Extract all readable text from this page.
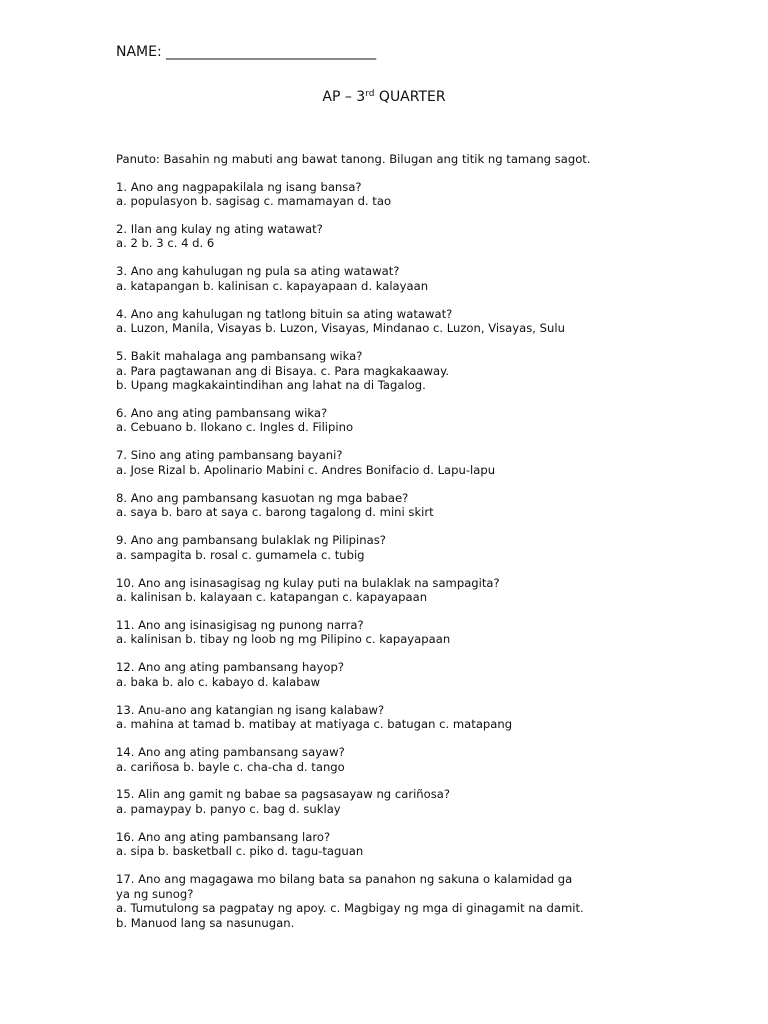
NAME: ______________________________
AP – 3rd QUARTER
Panuto: Basahin ng mabuti ang bawat tanong. Bilugan ang titik ng tamang sagot.
1. Ano ang nagpapakilala ng isang bansa?
a. populasyon b. sagisag c. mamamayan d. tao
2. Ilan ang kulay ng ating watawat?
a. 2 b. 3 c. 4 d. 6
3. Ano ang kahulugan ng pula sa ating watawat?
a. katapangan b. kalinisan c. kapayapaan d. kalayaan
4. Ano ang kahulugan ng tatlong bituin sa ating watawat?
a. Luzon, Manila, Visayas b. Luzon, Visayas, Mindanao c. Luzon, Visayas, Sulu
5. Bakit mahalaga ang pambansang wika?
a. Para pagtawanan ang di Bisaya. c. Para magkakaaway.
b. Upang magkakaintindihan ang lahat na di Tagalog.
6. Ano ang ating pambansang wika?
a. Cebuano b. Ilokano c. Ingles d. Filipino
7. Sino ang ating pambansang bayani?
a. Jose Rizal b. Apolinario Mabini c. Andres Bonifacio d. Lapu-lapu
8. Ano ang pambansang kasuotan ng mga babae?
a. saya b. baro at saya c. barong tagalong d. mini skirt
9. Ano ang pambansang bulaklak ng Pilipinas?
a. sampagita b. rosal c. gumamela c. tubig
10. Ano ang isinasagisag ng kulay puti na bulaklak na sampagita?
a. kalinisan b. kalayaan c. katapangan c. kapayapaan
11. Ano ang isinasigisag ng punong narra?
a. kalinisan b. tibay ng loob ng mg Pilipino c. kapayapaan
12. Ano ang ating pambansang hayop?
a. baka b. alo c. kabayo d. kalabaw
13. Anu-ano ang katangian ng isang kalabaw?
a. mahina at tamad b. matibay at matiyaga c. batugan c. matapang
14. Ano ang ating pambansang sayaw?
a. cariñosa b. bayle c. cha-cha d. tango
15. Alin ang gamit ng babae sa pagsasayaw ng cariñosa?
a. pamaypay b. panyo c. bag d. suklay
16. Ano ang ating pambansang laro?
a. sipa b. basketball c. piko d. tagu-taguan
17. Ano ang magagawa mo bilang bata sa panahon ng sakuna o kalamidad ga
ya ng sunog?
a. Tumutulong sa pagpatay ng apoy. c. Magbigay ng mga di ginagamit na damit.
b. Manuod lang sa nasunugan.
